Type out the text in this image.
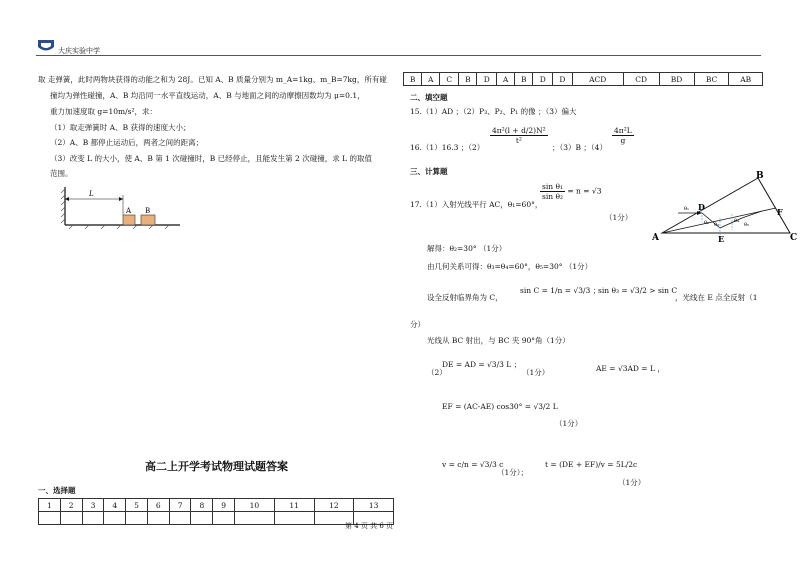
大庆实验中学
取 走弹簧，此时两物块获得的动能之和为 28J。已知 A、B 质量分别为 m_A=1kg、m_B=7kg，所有碰
撞均为弹性碰撞，A、B 均沿同一水平直线运动，A、B 与地面之间的动摩擦因数均为 μ=0.1，
重力加速度取 g=10m/s²，求：
（1）取走弹簧时 A、B 获得的速度大小；
（2）A、B 都停止运动后，两者之间的距离；
（3）改变 L 的大小，使 A、B 第 1 次碰撞时，B 已经停止，且能发生第 2 次碰撞，求 L 的取值
范围。
L
A B
高二上开学考试物理试题答案
一、选择题
1	2	3	4	5	6	7	8	9	10	11	12	13

第 4 页 共 6 页
B	A	C	B	D	A	B	D	D	ACD	CD	BD	BC	AB
二、填空题
15.（1）AD ；（2）P₃、P₂、P₁ 的像 ；（3）偏大
16.（1）16.3 ；（2）
$\frac{\text{4π²(l + d/2)N²}}{\text{t²}}$
；（3）B ；（4）
$\frac{\text{4π²L}}{g}$
三、计算题
17.（1）入射光线平行 AC，θ₁=60°，
$\frac{\text{sin θ₁}}{\text{sin θ₂}} = n = √3$
（1分）
A
B
C
D
E
F
θ₁
θ₂ θ₃
θ₄
θ₅
解得：θ₂=30° （1分）
由几何关系可得：θ₃=θ₄=60°，θ₅=30° （1分）
设全反射临界角为 C，
sin C = 1/n = √3/3 ；
sin θ₃ = √3/2 > sin C
，光线在 E 点全反射（1
分）
光线从 BC 射出，与 BC 夹 90°角（1分）
（2）
DE = AD = √3/3 L ；
（1分）	AE = √3AD = L ，
EF = (AC-AE) cos30° = √3/2 L
（1分）
v = c/n = √3/3 c
（1分）；
t = (DE + EF)/v = 5L/2c
（1分）
